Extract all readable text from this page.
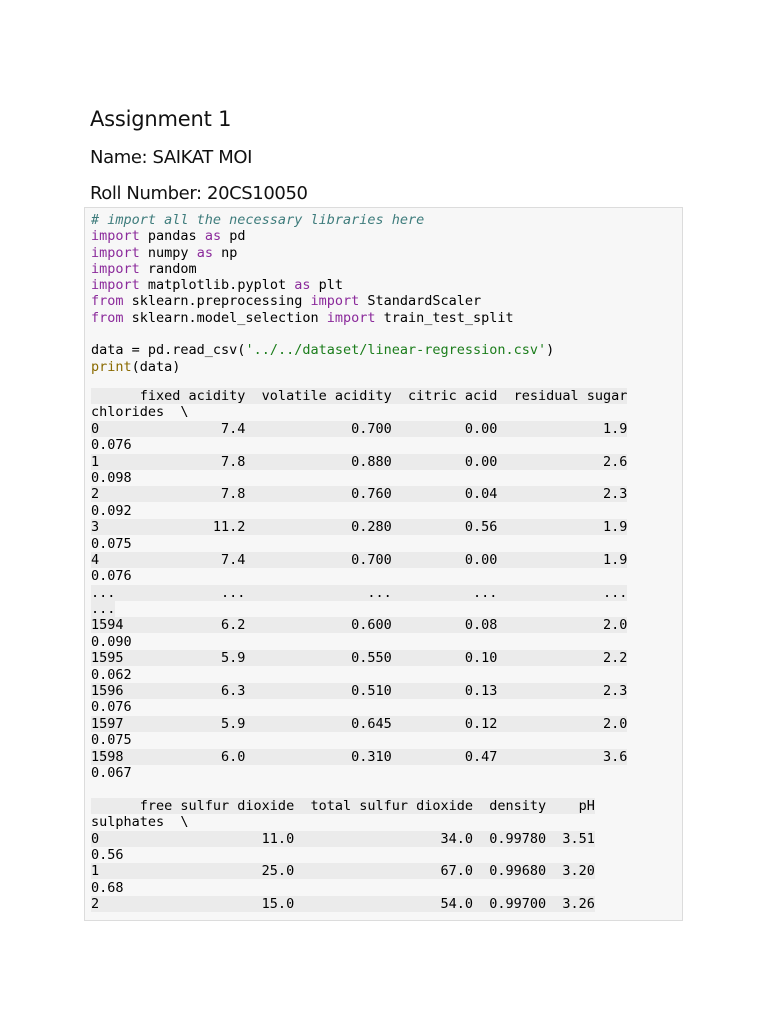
Assignment 1
Name: SAIKAT MOI
Roll Number: 20CS10050
# import all the necessary libraries here
import pandas as pd
import numpy as np
import random
import matplotlib.pyplot as plt
from sklearn.preprocessing import StandardScaler
from sklearn.model_selection import train_test_split

data = pd.read_csv('../../dataset/linear-regression.csv')
print(data)
fixed acidity  volatile acidity  citric acid  residual sugar
chlorides  \
0               7.4             0.700         0.00             1.9
0.076
1               7.8             0.880         0.00             2.6
0.098
2               7.8             0.760         0.04             2.3
0.092
3              11.2             0.280         0.56             1.9
0.075
4               7.4             0.700         0.00             1.9
0.076
...             ...               ...          ...             ...
...
1594            6.2             0.600         0.08             2.0
0.090
1595            5.9             0.550         0.10             2.2
0.062
1596            6.3             0.510         0.13             2.3
0.076
1597            5.9             0.645         0.12             2.0
0.075
1598            6.0             0.310         0.47             3.6
0.067
free sulfur dioxide  total sulfur dioxide  density    pH
sulphates  \
0                    11.0                  34.0  0.99780  3.51
0.56
1                    25.0                  67.0  0.99680  3.20
0.68
2                    15.0                  54.0  0.99700  3.26
